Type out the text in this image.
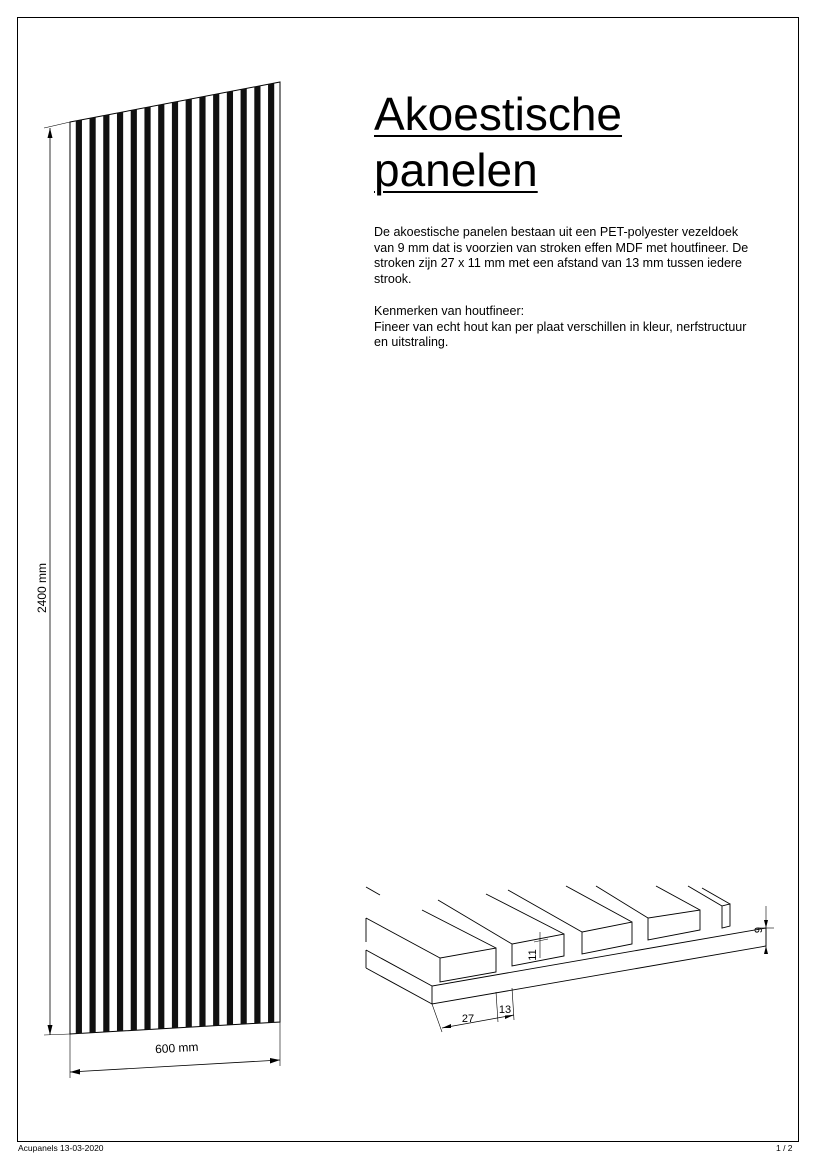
Akoestische
panelen

De akoestische panelen bestaan uit een PET-polyester vezeldoek van 9 mm dat is voorzien van stroken effen MDF met houtfineer. De stroken zijn 27 x 11 mm met een afstand van 13 mm tussen iedere strook.

Kenmerken van houtfineer:
Fineer van echt hout kan per plaat verschillen in kleur, nerfstructuur en uitstraling.

2400 mm
600 mm
27
13
11
9
Acupanels 13-03-2020	1 / 2
